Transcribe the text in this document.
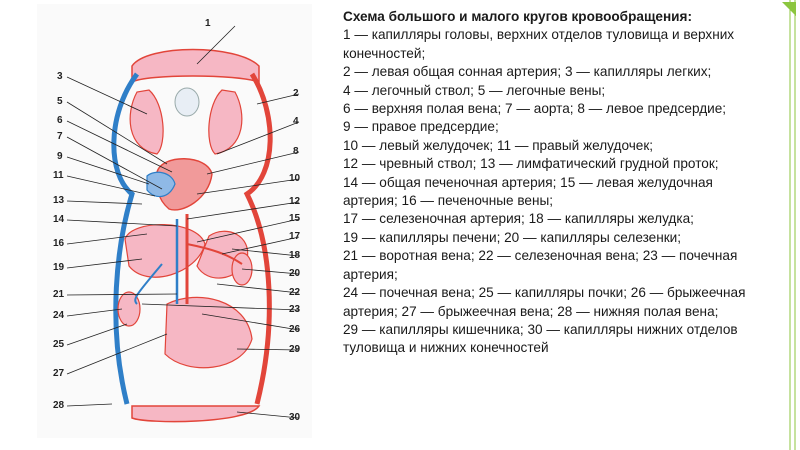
1
2
3
4
5
6
7
8
9
10
11
12
13
14	15
16
17
18
19
20
21	22
23
24
25
26
27
28
29
30
Схема большого и малого кругов кровообращения:
1 — капилляры головы, верхних отделов туловища и верхних конечностей;
2 — левая общая сонная артерия; 3 — капилляры легких;
4 — легочный ствол; 5 — легочные вены;
6 — верхняя полая вена; 7 — аорта; 8 — левое предсердие;
9 — правое предсердие;
10 — левый желудочек; 11 — правый желудочек;
12 — чревный ствол; 13 — лимфатический грудной проток;
14 — общая печеночная артерия; 15 — левая желудочная артерия; 16 — печеночные вены;
17 — селезеночная артерия; 18 — капилляры желудка;
19 — капилляры печени; 20 — капилляры селезенки;
21 — воротная вена; 22 — селезеночная вена; 23 — почечная артерия;
24 — почечная вена; 25 — капилляры почки; 26 — брыжеечная артерия; 27 — брыжеечная вена; 28 — нижняя полая вена;
29 — капилляры кишечника; 30 — капилляры нижних отделов туловища и нижних конечностей
